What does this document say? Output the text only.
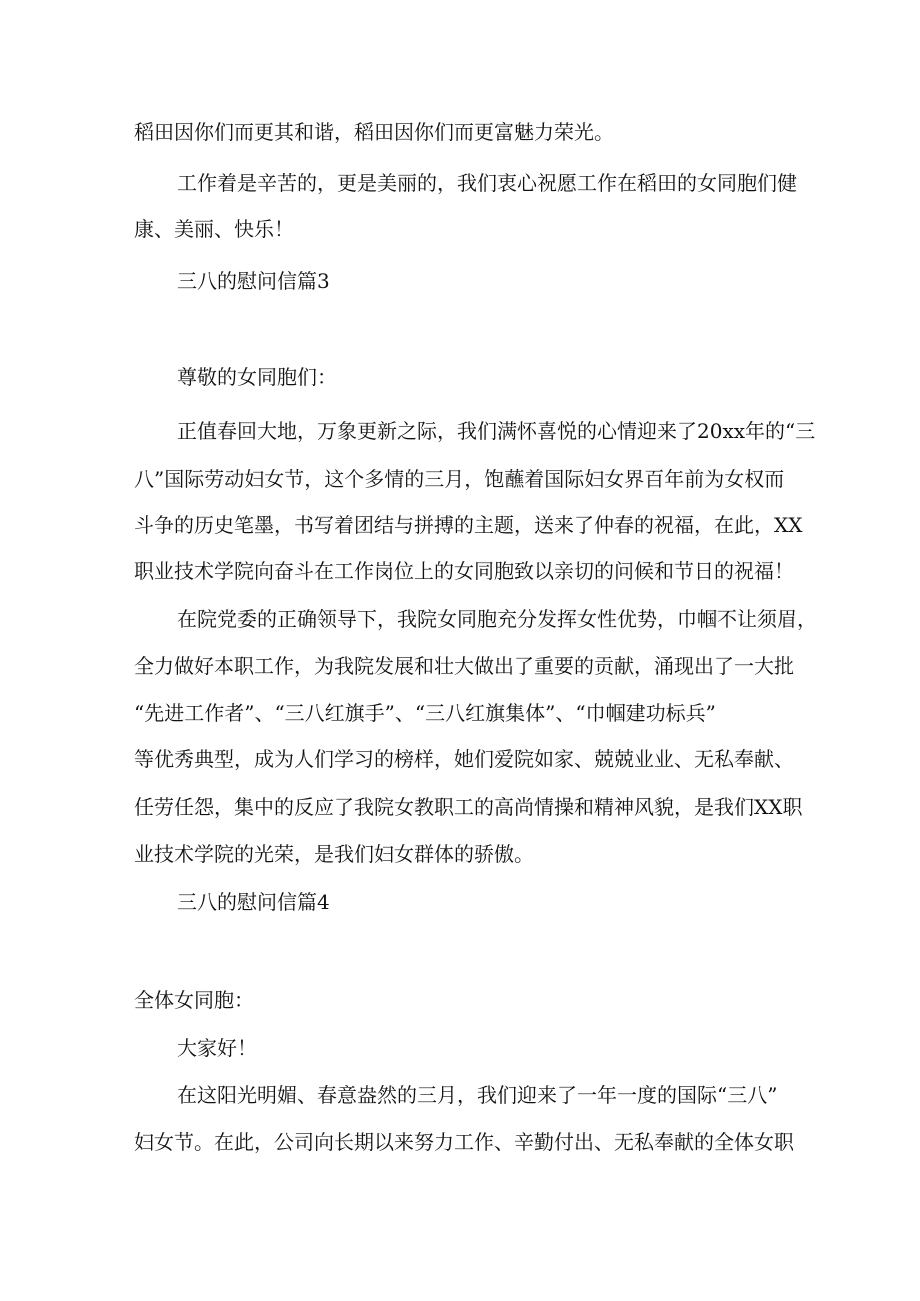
稻田因你们而更其和谐，稻田因你们而更富魅力荣光。
工作着是辛苦的，更是美丽的，我们衷心祝愿工作在稻田的女同胞们健
康、美丽、快乐！
三八的慰问信篇3
尊敬的女同胞们：
正值春回大地，万象更新之际，我们满怀喜悦的心情迎来了20xx年的“三
八”国际劳动妇女节，这个多情的三月，饱蘸着国际妇女界百年前为女权而
斗争的历史笔墨，书写着团结与拼搏的主题，送来了仲春的祝福，在此，XX
职业技术学院向奋斗在工作岗位上的女同胞致以亲切的问候和节日的祝福！
在院党委的正确领导下，我院女同胞充分发挥女性优势，巾帼不让须眉，
全力做好本职工作，为我院发展和壮大做出了重要的贡献，涌现出了一大批
“先进工作者”、“三八红旗手”、“三八红旗集体”、“巾帼建功标兵”
等优秀典型，成为人们学习的榜样，她们爱院如家、兢兢业业、无私奉献、
任劳任怨，集中的反应了我院女教职工的高尚情操和精神风貌，是我们XX职
业技术学院的光荣，是我们妇女群体的骄傲。
三八的慰问信篇4
全体女同胞：
大家好！
在这阳光明媚、春意盎然的三月，我们迎来了一年一度的国际“三八”
妇女节。在此，公司向长期以来努力工作、辛勤付出、无私奉献的全体女职
